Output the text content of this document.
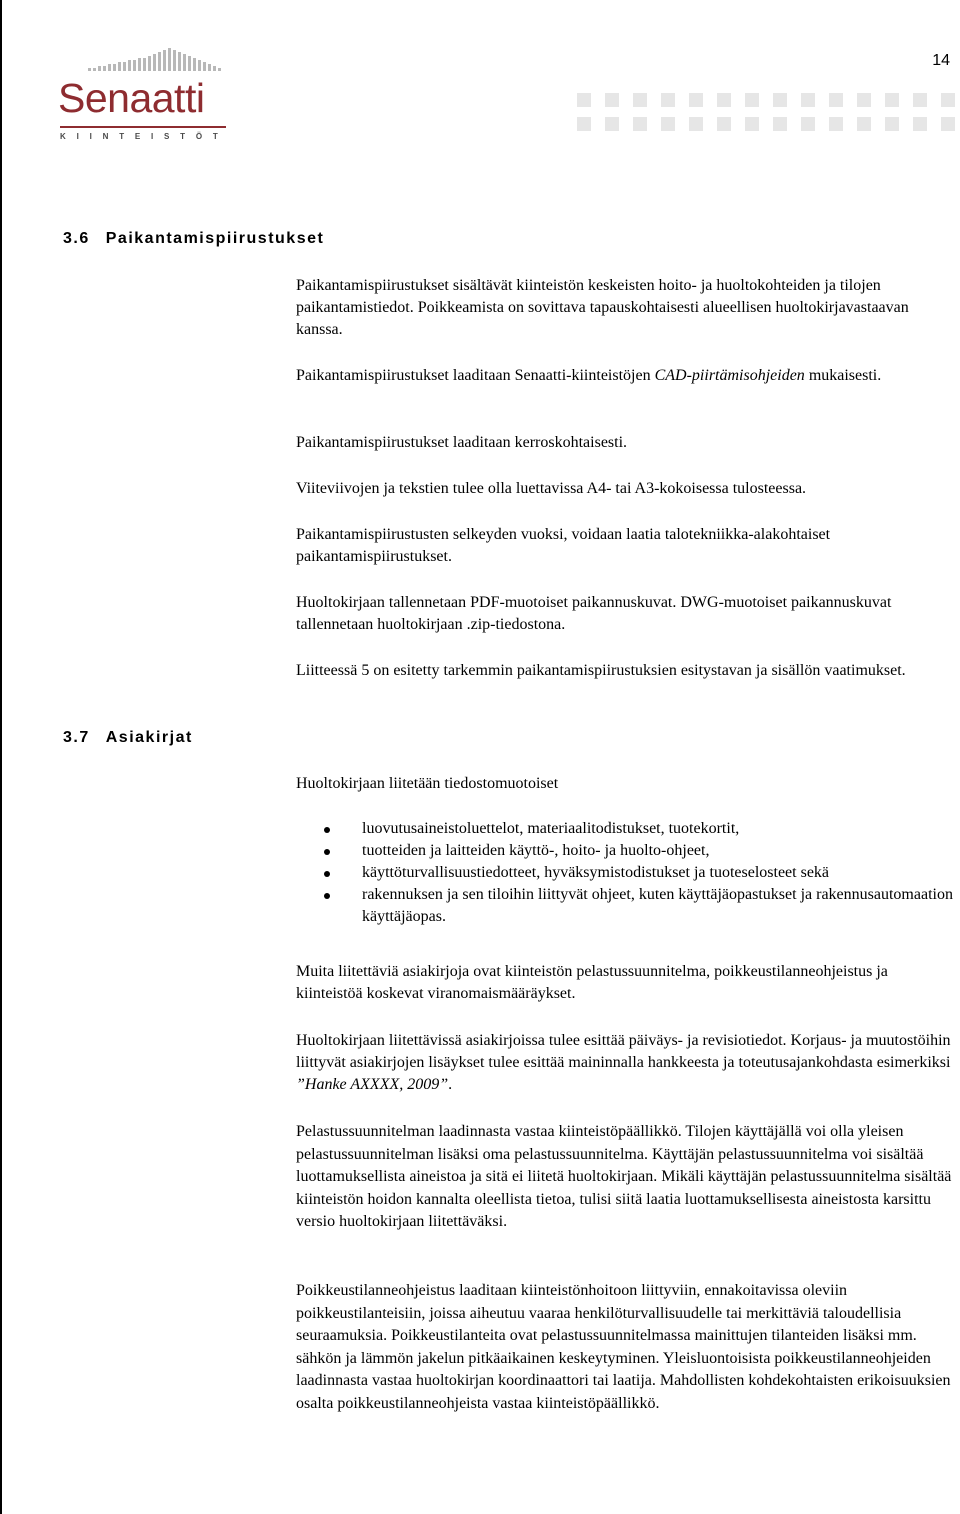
14
Senaatti
KIINTEISTÖT
3.6 Paikantamispiirustukset

Paikantamispiirustukset sisältävät kiinteistön keskeisten hoito- ja huoltokohteiden ja tilojen paikantamistiedot. Poikkeamista on sovittava tapauskohtaisesti alueellisen huoltokirjavastaavan kanssa.

Paikantamispiirustukset laaditaan Senaatti-kiinteistöjen CAD-piirtämisohjeiden mukaisesti.

Paikantamispiirustukset laaditaan kerroskohtaisesti.

Viiteviivojen ja tekstien tulee olla luettavissa A4- tai A3-kokoisessa tulosteessa.

Paikantamispiirustusten selkeyden vuoksi, voidaan laatia talotekniikka-alakohtaiset paikantamispiirustukset.

Huoltokirjaan tallennetaan PDF-muotoiset paikannuskuvat. DWG-muotoiset paikannuskuvat tallennetaan huoltokirjaan .zip-tiedostona.

Liitteessä 5 on esitetty tarkemmin paikantamispiirustuksien esitystavan ja sisällön vaatimukset.

3.7 Asiakirjat

Huoltokirjaan liitetään tiedostomuotoiset

luovutusaineistoluettelot, materiaalitodistukset, tuotekortit,
tuotteiden ja laitteiden käyttö-, hoito- ja huolto-ohjeet,
käyttöturvallisuustiedotteet, hyväksymistodistukset ja tuoteselosteet sekä
rakennuksen ja sen tiloihin liittyvät ohjeet, kuten käyttäjäopastukset ja rakennusautomaation käyttäjäopas.

Muita liitettäviä asiakirjoja ovat kiinteistön pelastussuunnitelma, poikkeustilanneohjeistus ja kiinteistöä koskevat viranomaismääräykset.

Huoltokirjaan liitettävissä asiakirjoissa tulee esittää päiväys- ja revisiotiedot. Korjaus- ja muutostöihin liittyvät asiakirjojen lisäykset tulee esittää maininnalla hankkeesta ja toteutusajankohdasta esimerkiksi ”Hanke AXXXX, 2009”.

Pelastussuunnitelman laadinnasta vastaa kiinteistöpäällikkö. Tilojen käyttäjällä voi olla yleisen pelastussuunnitelman lisäksi oma pelastussuunnitelma. Käyttäjän pelastussuunnitelma voi sisältää luottamuksellista aineistoa ja sitä ei liitetä huoltokirjaan. Mikäli käyttäjän pelastussuunnitelma sisältää kiinteistön hoidon kannalta oleellista tietoa, tulisi siitä laatia luottamuksellisesta aineistosta karsittu versio huoltokirjaan liitettäväksi.

Poikkeustilanneohjeistus laaditaan kiinteistönhoitoon liittyviin, ennakoitavissa oleviin poikkeustilanteisiin, joissa aiheutuu vaaraa henkilöturvallisuudelle tai merkittäviä taloudellisia seuraamuksia. Poikkeustilanteita ovat pelastussuunnitelmassa mainittujen tilanteiden lisäksi mm. sähkön ja lämmön jakelun pitkäaikainen keskeytyminen. Yleisluontoisista poikkeustilanneohjeiden laadinnasta vastaa huoltokirjan koordinaattori tai laatija. Mahdollisten kohdekohtaisten erikoisuuksien osalta poikkeustilanneohjeista vastaa kiinteistöpäällikkö.
